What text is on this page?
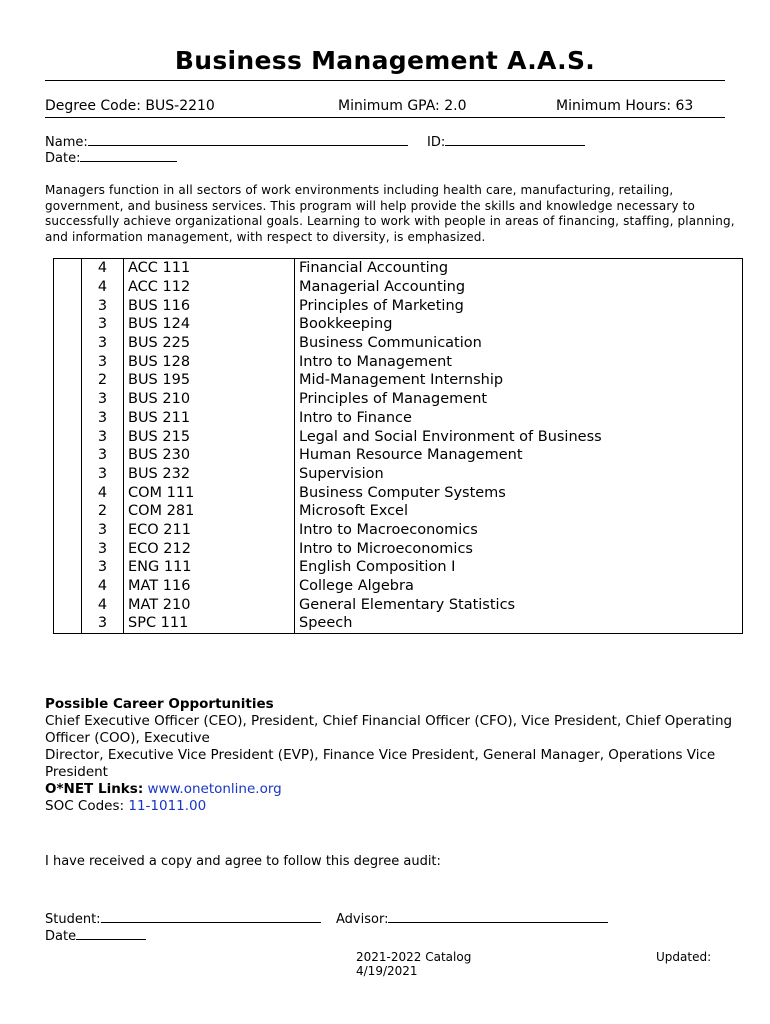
Business Management A.A.S.
Degree Code: BUS-2210	Minimum GPA: 2.0	Minimum Hours: 63
Name:	ID:
Date:
Managers function in all sectors of work environments including health care, manufacturing, retailing, government, and business services. This program will help provide the skills and knowledge necessary to successfully achieve organizational goals. Learning to work with people in areas of financing, staffing, planning, and information management, with respect to diversity, is emphasized.
	4	ACC 111	Financial Accounting
	4	ACC 112	Managerial Accounting
	3	BUS 116	Principles of Marketing
	3	BUS 124	Bookkeeping
	3	BUS 225	Business Communication
	3	BUS 128	Intro to Management
	2	BUS 195	Mid-Management Internship
	3	BUS 210	Principles of Management
	3	BUS 211	Intro to Finance
	3	BUS 215	Legal and Social Environment of Business
	3	BUS 230	Human Resource Management
	3	BUS 232	Supervision
	4	COM 111	Business Computer Systems
	2	COM 281	Microsoft Excel
	3	ECO 211	Intro to Macroeconomics
	3	ECO 212	Intro to Microeconomics
	3	ENG 111	English Composition I
	4	MAT 116	College Algebra
	4	MAT 210	General Elementary Statistics
	3	SPC 111	Speech
Possible Career Opportunities
Chief Executive Officer (CEO), President, Chief Financial Officer (CFO), Vice President, Chief Operating Officer (COO), Executive
Director, Executive Vice President (EVP), Finance Vice President, General Manager, Operations Vice President
O*NET Links: www.onetonline.org
SOC Codes: 11-1011.00
I have received a copy and agree to follow this degree audit:
Student:	Advisor:
Date
2021-2022 Catalog
4/19/2021
Updated:
